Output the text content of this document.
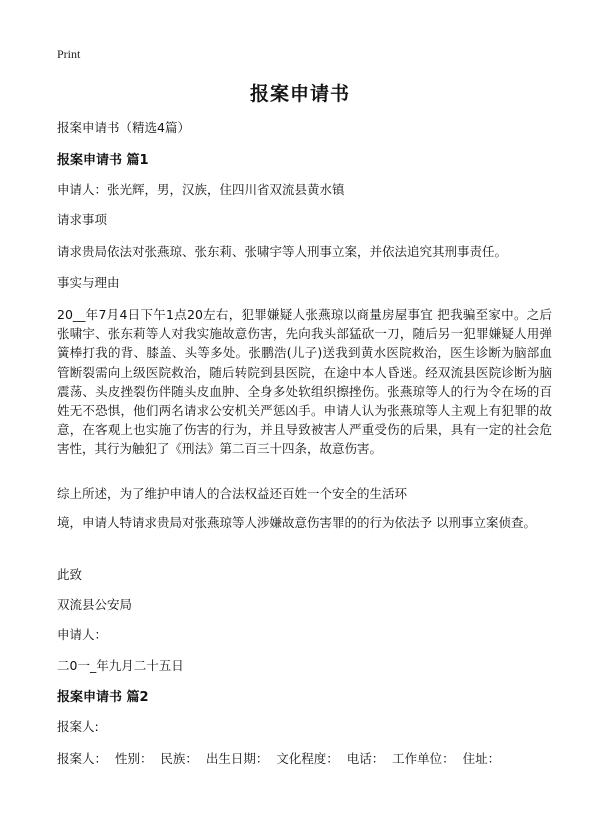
Print
报案申请书
报案申请书（精选4篇）
报案申请书 篇1
申请人：张光辉，男，汉族，住四川省双流县黄水镇
请求事项
请求贵局依法对张燕琼、张东莉、张啸宇等人刑事立案，并依法追究其刑事责任。
事实与理由
20__年7月4日下午1点20左右，犯罪嫌疑人张燕琼以商量房屋事宜 把我骗至家中。之后张啸宇、张东莉等人对我实施故意伤害，先向我头部猛砍一刀，随后另一犯罪嫌疑人用弹簧棒打我的背、膝盖、头等多处。张鹏浩(儿子)送我到黄水医院救治，医生诊断为脑部血管断裂需向上级医院救治，随后转院到县医院，在途中本人昏迷。经双流县医院诊断为脑震荡、头皮挫裂伤伴随头皮血肿、全身多处软组织擦挫伤。张燕琼等人的行为令在场的百姓无不恐惧，他们两名请求公安机关严惩凶手。申请人认为张燕琼等人主观上有犯罪的故意，在客观上也实施了伤害的行为，并且导致被害人严重受伤的后果，具有一定的社会危害性，其行为触犯了《刑法》第二百三十四条，故意伤害。
综上所述，为了维护申请人的合法权益还百姓一个安全的生活环
境，申请人特请求贵局对张燕琼等人涉嫌故意伤害罪的的行为依法予 以刑事立案侦查。
此致
双流县公安局
申请人：
二0一_年九月二十五日
报案申请书 篇2
报案人:
报案人：  性别：  民族：  出生日期：  文化程度：  电话：  工作单位：  住址：
